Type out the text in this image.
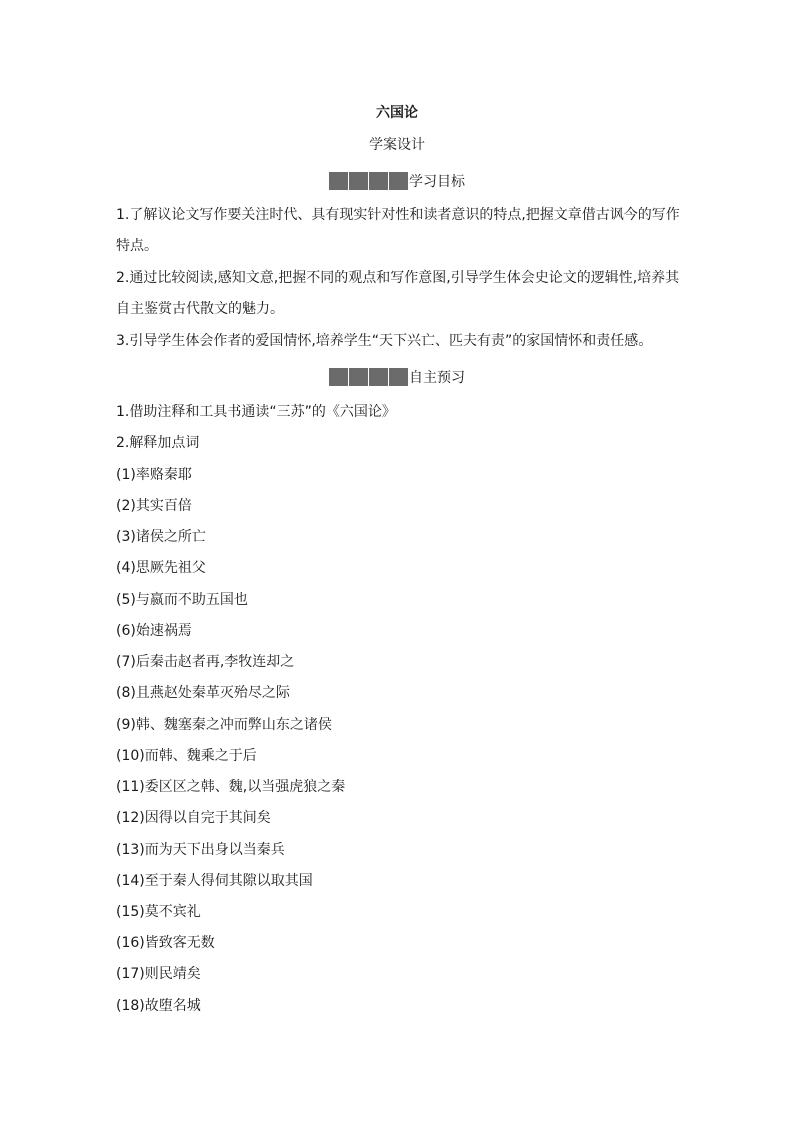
六国论
学案设计
学习目标

1.了解议论文写作要关注时代、具有现实针对性和读者意识的特点,把握文章借古讽今的写作特点。

2.通过比较阅读,感知文意,把握不同的观点和写作意图,引导学生体会史论文的逻辑性,培养其自主鉴赏古代散文的魅力。

3.引导学生体会作者的爱国情怀,培养学生“天下兴亡、匹夫有责”的家国情怀和责任感。

自主预习
1.借助注释和工具书通读“三苏”的《六国论》
2.解释加点词
(1)率赂秦耶
(2)其实百倍
(3)诸侯之所亡
(4)思厥先祖父
(5)与嬴而不助五国也
(6)始速祸焉
(7)后秦击赵者再,李牧连却之
(8)且燕赵处秦革灭殆尽之际
(9)韩、魏塞秦之冲而弊山东之诸侯
(10)而韩、魏乘之于后
(11)委区区之韩、魏,以当强虎狼之秦
(12)因得以自完于其间矣
(13)而为天下出身以当秦兵
(14)至于秦人得伺其隙以取其国
(15)莫不宾礼
(16)皆致客无数
(17)则民靖矣
(18)故堕名城
